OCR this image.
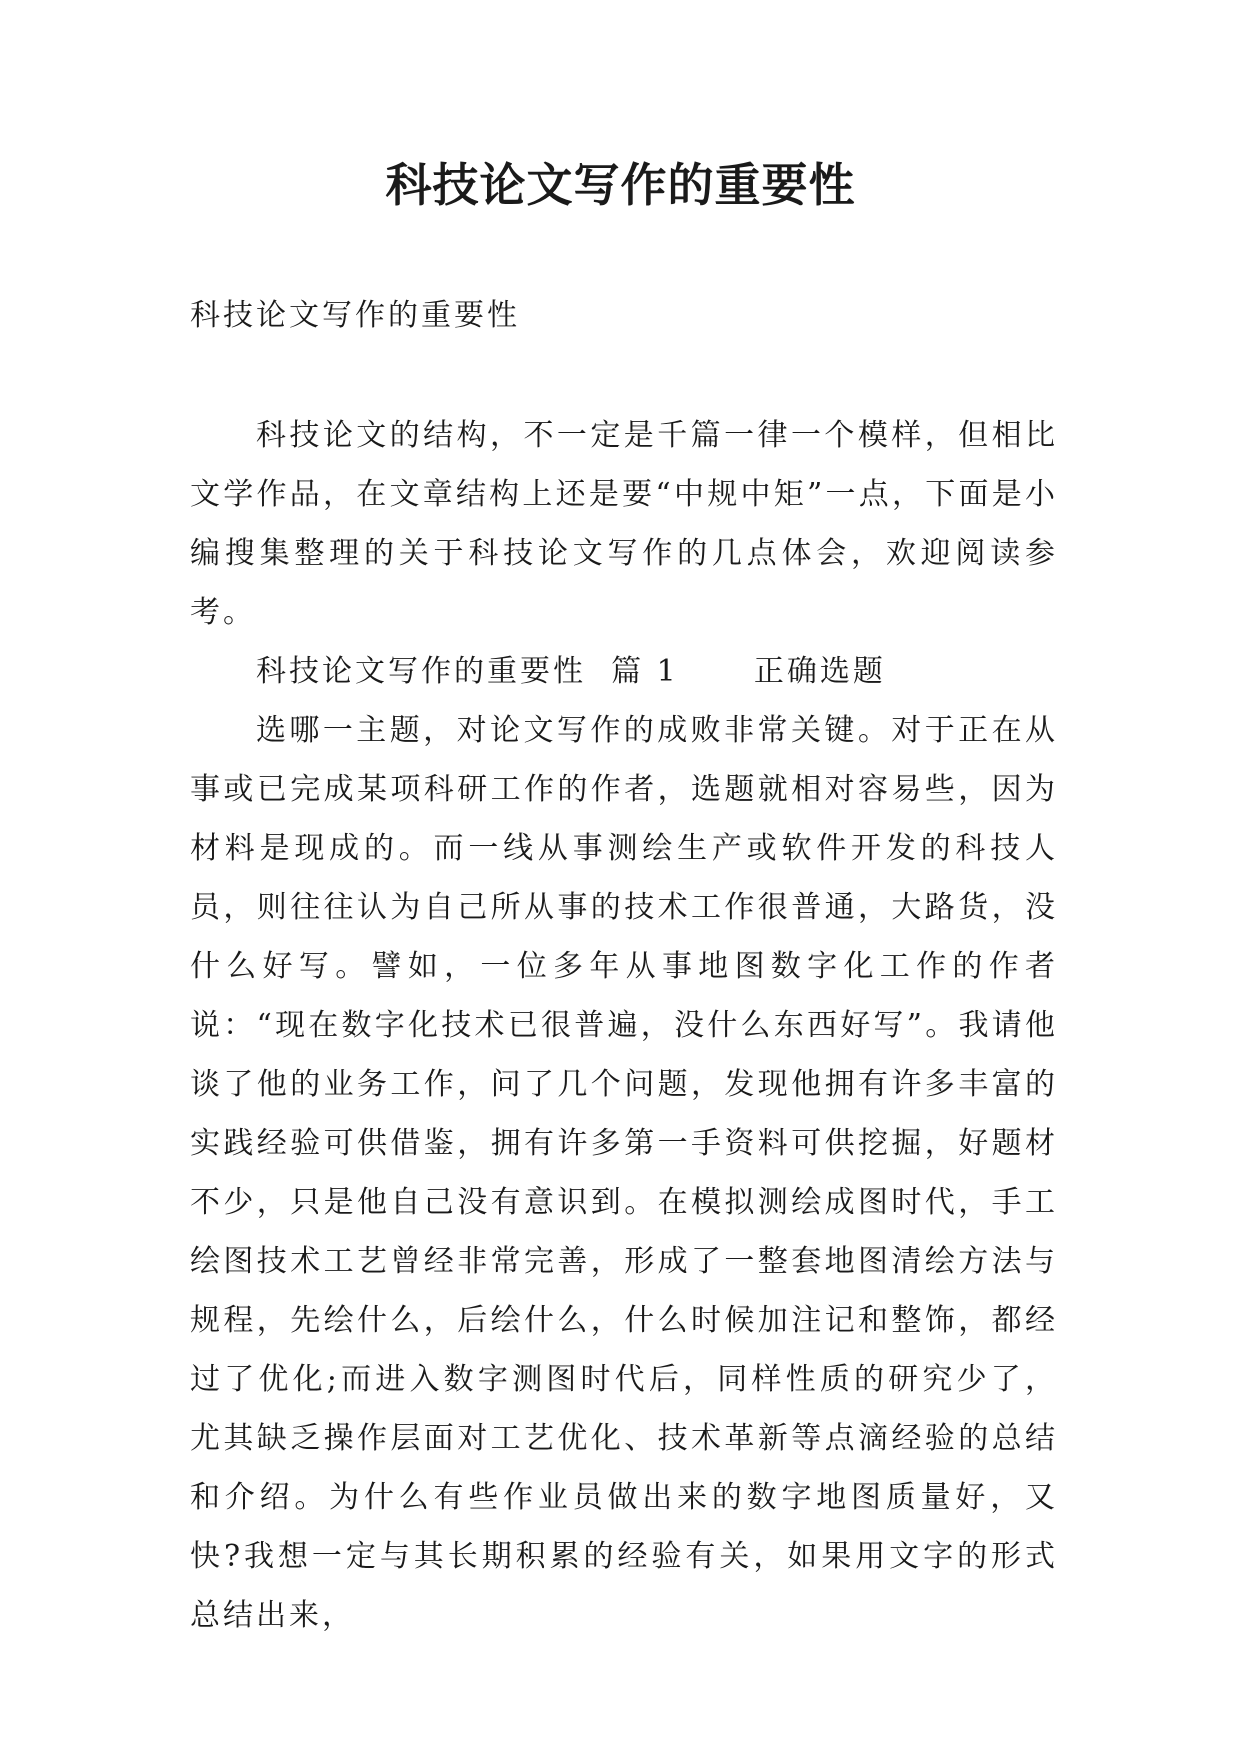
科技论文写作的重要性

科技论文写作的重要性

科技论文的结构，不一定是千篇一律一个模样，但相比文学作品，在文章结构上还是要“中规中矩”一点，下面是小编搜集整理的关于科技论文写作的几点体会，欢迎阅读参考。

科技论文写作的重要性  篇 1      正确选题

选哪一主题，对论文写作的成败非常关键。对于正在从事或已完成某项科研工作的作者，选题就相对容易些，因为材料是现成的。而一线从事测绘生产或软件开发的科技人员，则往往认为自己所从事的技术工作很普通，大路货，没什么好写。譬如，一位多年从事地图数字化工作的作者说：“现在数字化技术已很普遍，没什么东西好写”。我请他谈了他的业务工作，问了几个问题，发现他拥有许多丰富的实践经验可供借鉴，拥有许多第一手资料可供挖掘，好题材不少，只是他自己没有意识到。在模拟测绘成图时代，手工绘图技术工艺曾经非常完善，形成了一整套地图清绘方法与规程，先绘什么，后绘什么，什么时候加注记和整饰，都经过了优化;而进入数字测图时代后，同样性质的研究少了，尤其缺乏操作层面对工艺优化、技术革新等点滴经验的总结和介绍。为什么有些作业员做出来的数字地图质量好，又快?我想一定与其长期积累的经验有关，如果用文字的形式总结出来，
